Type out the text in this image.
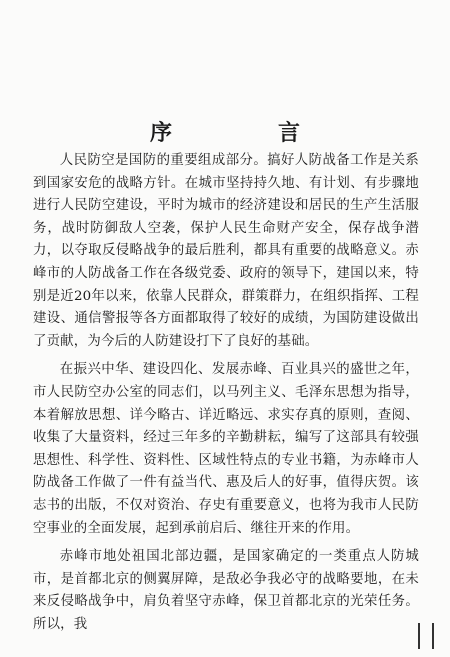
序　言

人民防空是国防的重要组成部分。搞好人防战备工作是关系到国家安危的战略方针。在城市坚持持久地、有计划、有步骤地进行人民防空建设，平时为城市的经济建设和居民的生产生活服务，战时防御敌人空袭，保护人民生命财产安全，保存战争潜力，以夺取反侵略战争的最后胜利，都具有重要的战略意义。赤峰市的人防战备工作在各级党委、政府的领导下，建国以来，特别是近20年以来，依靠人民群众，群策群力，在组织指挥、工程建设、通信警报等各方面都取得了较好的成绩，为国防建设做出了贡献，为今后的人防建设打下了良好的基础。

在振兴中华、建设四化、发展赤峰、百业具兴的盛世之年，市人民防空办公室的同志们，以马列主义、毛泽东思想为指导，本着解放思想、详今略古、详近略远、求实存真的原则，查阅、收集了大量资料，经过三年多的辛勤耕耘，编写了这部具有较强思想性、科学性、资料性、区域性特点的专业书籍，为赤峰市人防战备工作做了一件有益当代、惠及后人的好事，值得庆贺。该志书的出版，不仅对资治、存史有重要意义，也将为我市人民防空事业的全面发展，起到承前启后、继往开来的作用。

赤峰市地处祖国北部边疆，是国家确定的一类重点人防城市，是首都北京的侧翼屏障，是敌必争我必守的战略要地，在未来反侵略战争中，肩负着坚守赤峰，保卫首都北京的光荣任务。所以，我
